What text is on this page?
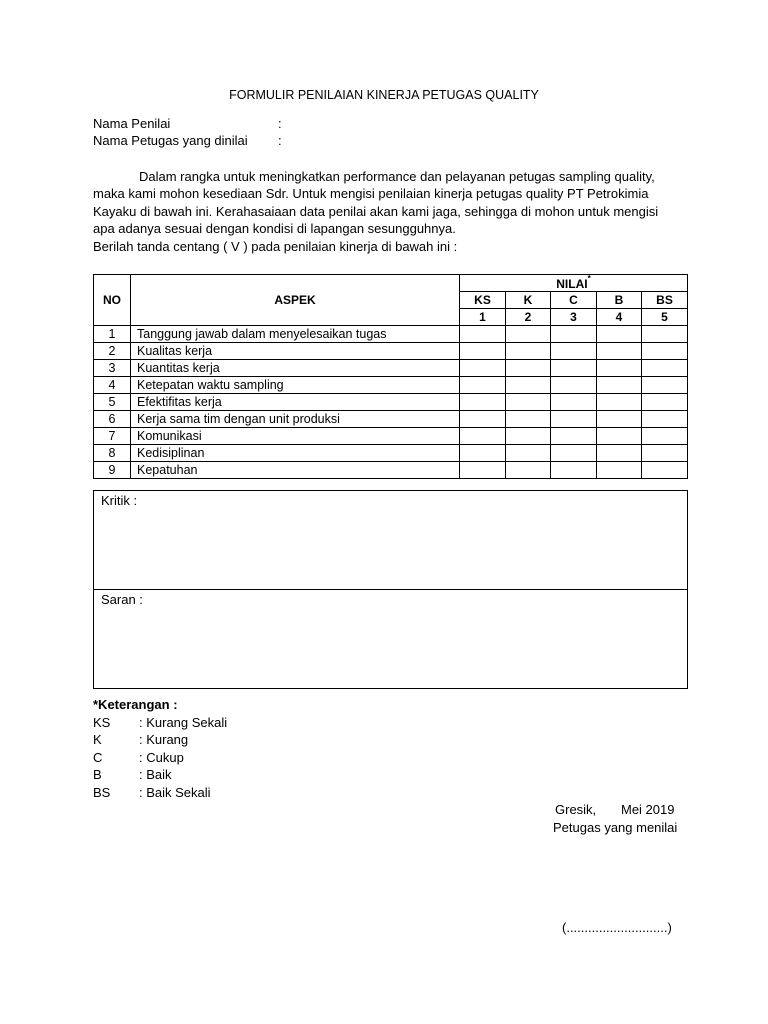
FORMULIR PENILAIAN KINERJA PETUGAS QUALITY
Nama Penilai	:
Nama Petugas yang dinilai :
Dalam rangka untuk meningkatkan performance dan pelayanan petugas sampling quality,
maka kami mohon kesediaan Sdr. Untuk mengisi penilaian kinerja petugas quality PT Petrokimia
Kayaku di bawah ini. Kerahasaiaan data penilai akan kami jaga, sehingga di mohon untuk mengisi
apa adanya sesuai dengan kondisi di lapangan sesungguhnya.
Berilah tanda centang ( V ) pada penilaian kinerja di bawah ini :
NO	ASPEK	NILAI*
		KS	K	C	B	BS
		1	2	3	4	5
1	Tanggung jawab dalam menyelesaikan tugas					
2	Kualitas kerja					
3	Kuantitas kerja					
4	Ketepatan waktu sampling					
5	Efektifitas kerja					
6	Kerja sama tim dengan unit produksi					
7	Komunikasi					
8	Kedisiplinan					
9	Kepatuhan					
Kritik :
Saran :
*Keterangan :
KS : Kurang Sekali
K	: Kurang
C	: Cukup
B	: Baik
BS : Baik Sekali
Gresik, Mei 2019
Petugas yang menilai
(............................)
